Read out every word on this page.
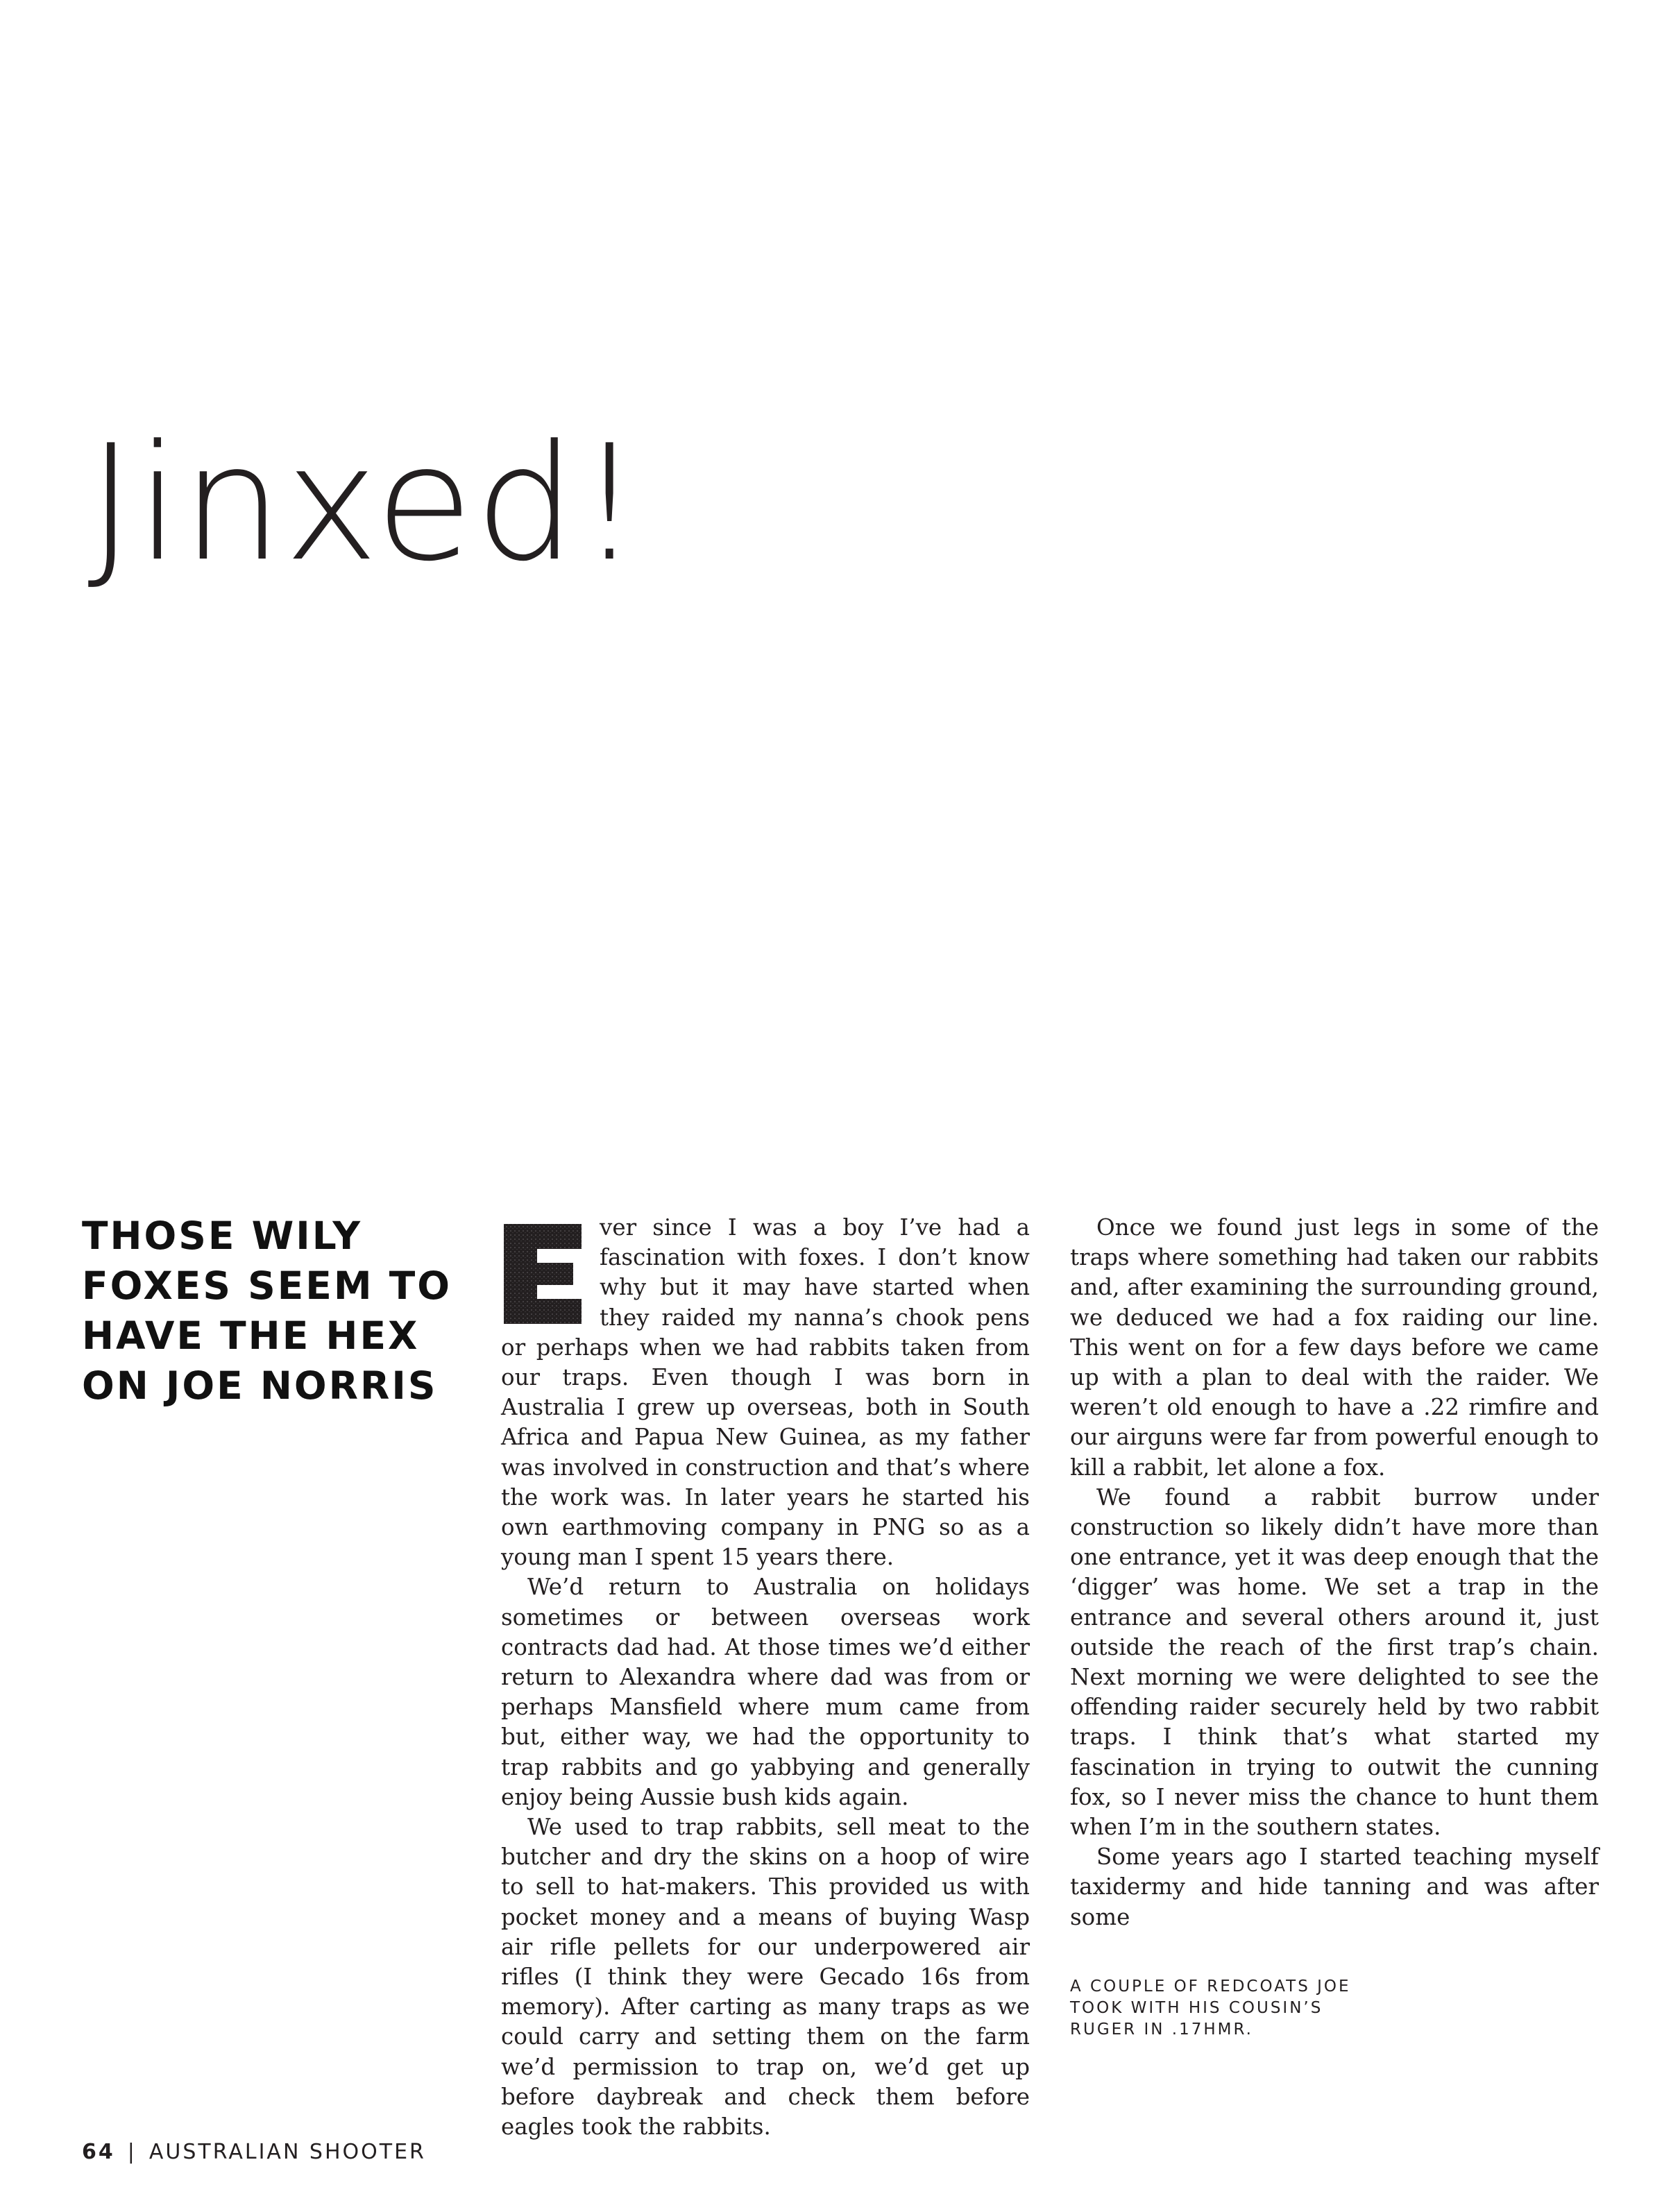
Jinxed!
THOSE WILY FOXES SEEM TO HAVE THE HEX ON JOE NORRIS

ver since I was a boy I’ve had a fascination with foxes. I don’t know why but it may have started when they raided my nanna’s chook pens or perhaps when we had rabbits taken from our traps. Even though I was born in Australia I grew up overseas, both in South Africa and Papua New Guinea, as my father was involved in construction and that’s where the work was. In later years he started his own earthmoving company in PNG so as a young man I spent 15 years there.

We’d return to Australia on holidays sometimes or between overseas work contracts dad had. At those times we’d either return to Alexandra where dad was from or perhaps Mansfield where mum came from but, either way, we had the opportunity to trap rabbits and go yabbying and generally enjoy being Aussie bush kids again.

We used to trap rabbits, sell meat to the butcher and dry the skins on a hoop of wire to sell to hat-makers. This provided us with pocket money and a means of buying Wasp air rifle pellets for our underpowered air rifles (I think they were Gecado 16s from memory). After carting as many traps as we could carry and setting them on the farm we’d permission to trap on, we’d get up before daybreak and check them before eagles took the rabbits.

Once we found just legs in some of the traps where something had taken our rabbits and, after examining the surrounding ground, we deduced we had a fox raiding our line. This went on for a few days before we came up with a plan to deal with the raider. We weren’t old enough to have a .22 rimfire and our airguns were far from powerful enough to kill a rabbit, let alone a fox.

We found a rabbit burrow under construction so likely didn’t have more than one entrance, yet it was deep enough that the ‘digger’ was home. We set a trap in the entrance and several others around it, just outside the reach of the first trap’s chain. Next morning we were delighted to see the offending raider securely held by two rabbit traps. I think that’s what started my fascination in trying to outwit the cunning fox, so I never miss the chance to hunt them when I’m in the southern states.

Some years ago I started teaching myself taxidermy and hide tanning and was after some

A COUPLE OF REDCOATS JOE TOOK WITH HIS COUSIN’S RUGER IN .17HMR.

64 | AUSTRALIAN SHOOTER
